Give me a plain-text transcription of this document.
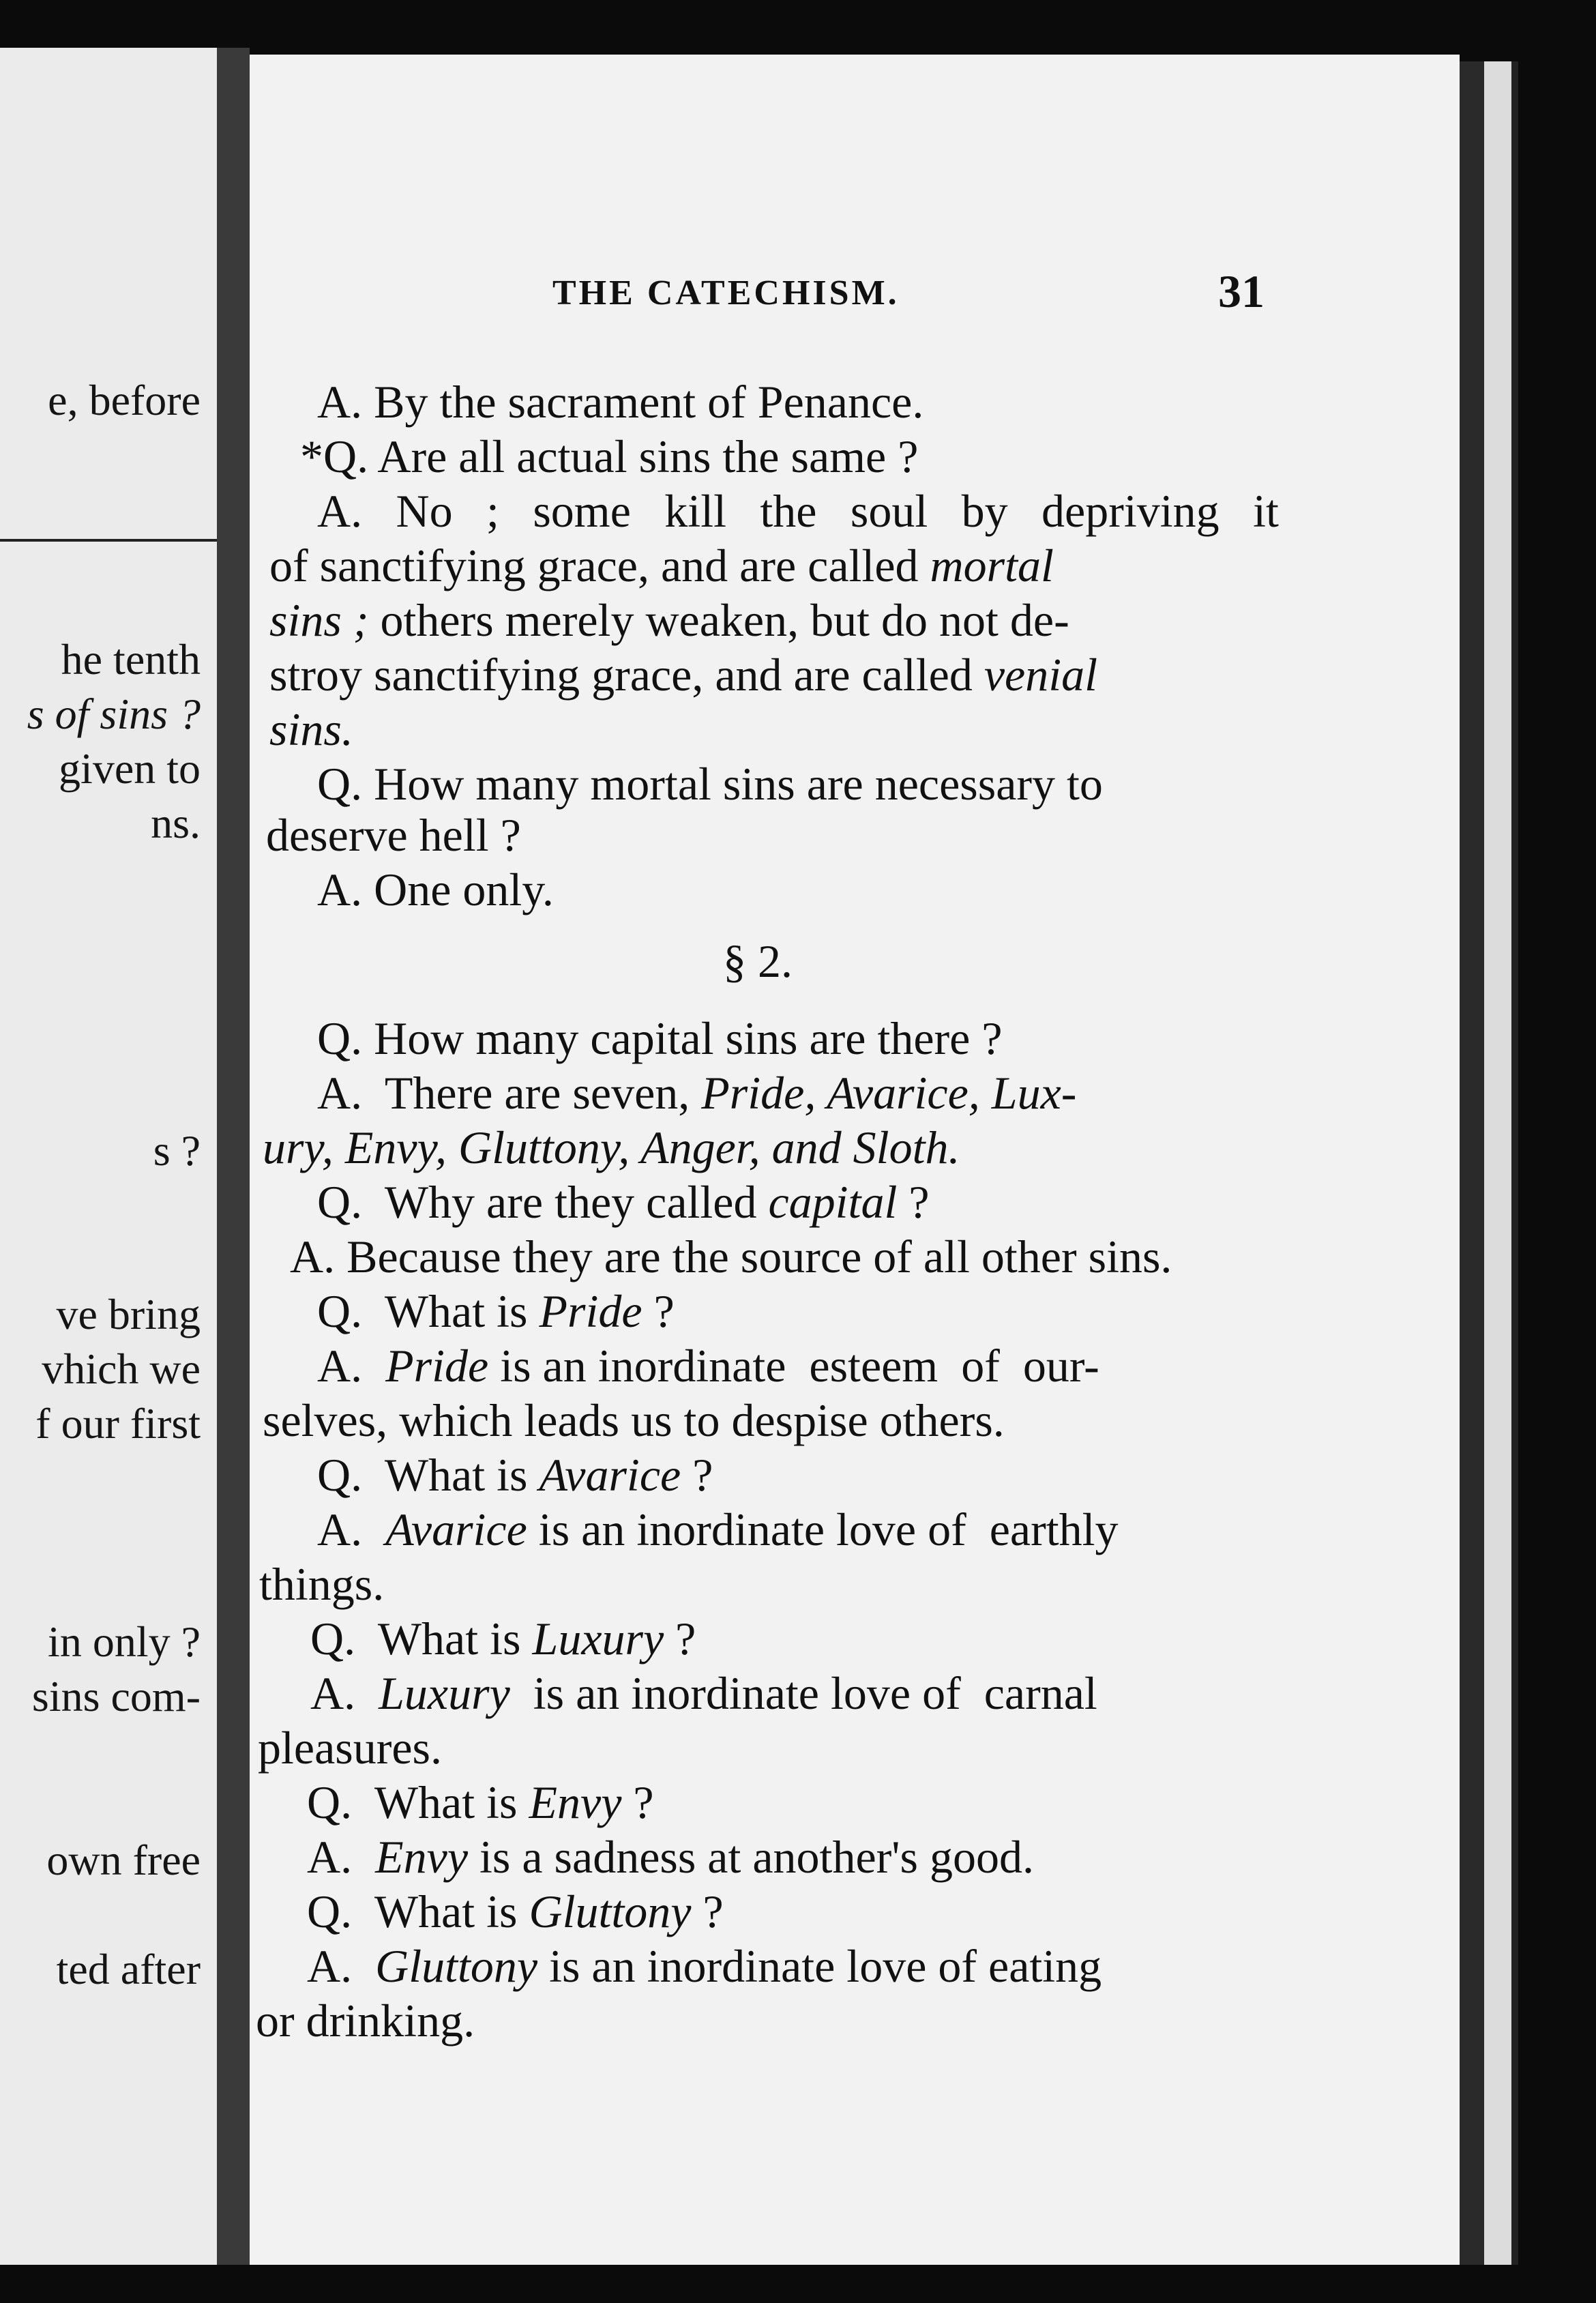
e, before
he tenth
s of sins ?
given to
ns.
s ?
ve bring
vhich we
f our first
in only ?
sins com-
own free
ted after
THE CATECHISM.	31
A. By the sacrament of Penance.
*Q. Are all actual sins the same ?
A. No ; some kill the soul by depriving it
of sanctifying grace, and are called mortal
sins ; others merely weaken, but do not de-
stroy sanctifying grace, and are called venial
sins.
Q. How many mortal sins are necessary to
deserve hell ?
A. One only.
§ 2.
Q. How many capital sins are there ?
A.  There are seven, Pride, Avarice, Lux-
ury, Envy, Gluttony, Anger, and Sloth.
Q.  Why are they called capital ?
A. Because they are the source of all other sins.
Q.  What is Pride ?
A. Pride is an inordinate  esteem  of  our-
selves, which leads us to despise others.
Q.  What is Avarice ?
A. Avarice is an inordinate love of  earthly
things.
Q.  What is Luxury ?
A. Luxury is an inordinate love of  carnal
pleasures.
Q.  What is Envy ?
A. Envy is a sadness at another's good.
Q.  What is Gluttony ?
A. Gluttony is an inordinate love of eating
or drinking.
